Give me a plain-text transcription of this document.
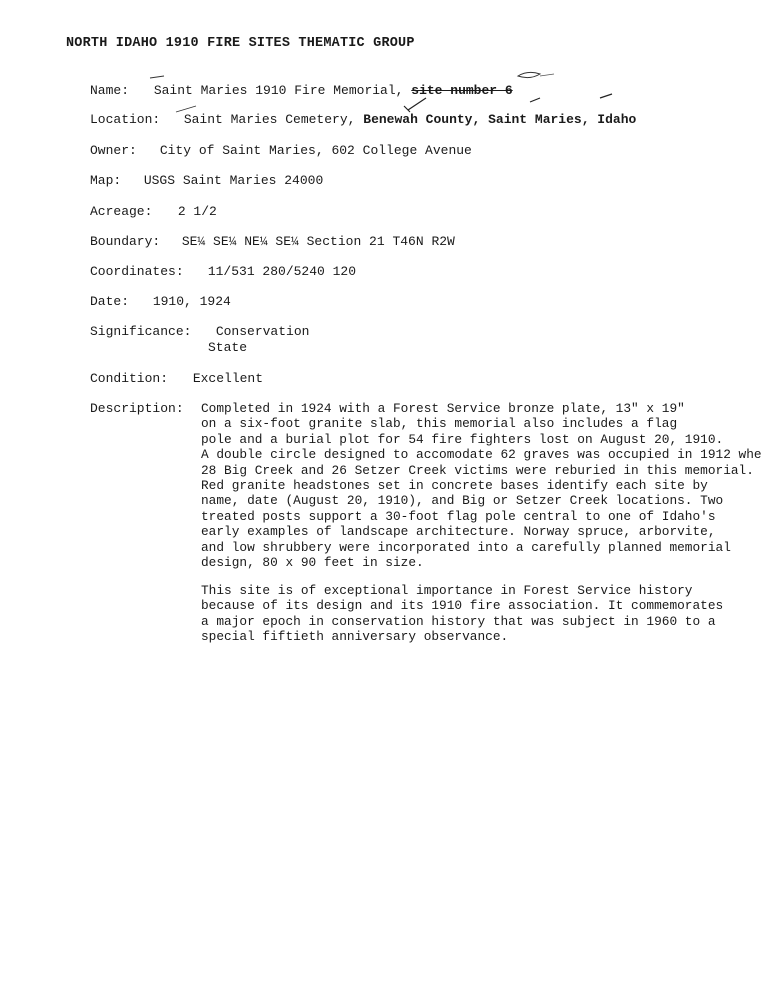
NORTH IDAHO 1910 FIRE SITES THEMATIC GROUP
Name: Saint Maries 1910 Fire Memorial, site number 6
Location: Saint Maries Cemetery, Benewah County, Saint Maries, Idaho
Owner: City of Saint Maries, 602 College Avenue
Map: USGS Saint Maries 24000
Acreage: 2 1/2
Boundary: SE¼ SE¼ NE¼ SE¼ Section 21 T46N R2W
Coordinates: 11/531 280/5240 120
Date: 1910, 1924
Significance: Conservation
State
Condition: Excellent
Description: Completed in 1924 with a Forest Service bronze plate, 13" x 19"
on a six-foot granite slab, this memorial also includes a flag
pole and a burial plot for 54 fire fighters lost on August 20, 1910.
A double circle designed to accomodate 62 graves was occupied in 1912 whe
28 Big Creek and 26 Setzer Creek victims were reburied in this memorial.
Red granite headstones set in concrete bases identify each site by
name, date (August 20, 1910), and Big or Setzer Creek locations. Two
treated posts support a 30-foot flag pole central to one of Idaho's
early examples of landscape architecture. Norway spruce, arborvite,
and low shrubbery were incorporated into a carefully planned memorial
design, 80 x 90 feet in size.
This site is of exceptional importance in Forest Service history
because of its design and its 1910 fire association. It commemorates
a major epoch in conservation history that was subject in 1960 to a
special fiftieth anniversary observance.
